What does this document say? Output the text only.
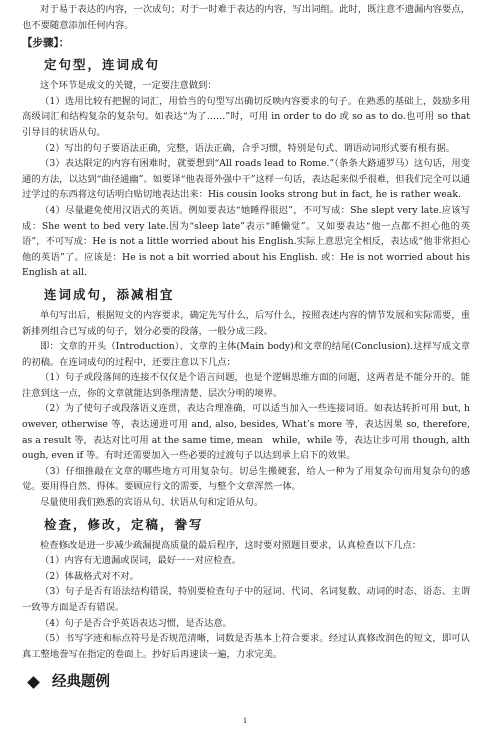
对于易于表达的内容，一次成句；对于一时难于表达的内容，写出词组。此时，既注意不遗漏内容要点，也不要随意添加任何内容。

【步骤】：

定句型，连词成句

这个环节是成文的关键，一定要注意做到：

（1）选用比较有把握的词汇，用恰当的句型写出确切反映内容要求的句子。在熟悉的基础上，鼓励多用高级词汇和结构复杂的复杂句。如表达“为了……”时，可用 in order to do 或 so as to do.也可用 so that 引导目的状语从句。

（2）写出的句子要语法正确，完整，语法正确，合乎习惯，特别是句式、谓语动词形式要有根有据。

（3）表达限定的内容有困难时，就要想到“All roads lead to Rome.”（条条大路通罗马）这句话，用变通的方法，以达到“曲径通幽”。如要译“他表哥外强中干”这样一句话，表达起来似乎很难，但我们完全可以通过学过的东西将这句话明白贴切地表达出来：His cousin looks strong but in fact, he is rather weak.

（4）尽量避免使用汉语式的英语。例如要表达“她睡得很迟”，不可写成：She slept very late.应该写成：She went to bed very late.因为“sleep late”表示“睡懒觉”。又如要表达“他一点都不担心他的英语”，不可写成：He is not a little worried about his English.实际上意思完全相反，表达成“他非常担心他的英语”了。应该是：He is not a bit worried about his English. 或：He is not worried about his English at all.

连词成句，添减相宜

单句写出后，根据短文的内容要求，确定先写什么，后写什么，按照表述内容的情节发展和实际需要，重新排列组合已写成的句子，划分必要的段落，一般分成三段。

即：文章的开头（Introduction）、文章的主体(Main body)和文章的结尾(Conclusion).这样写成文章的初稿。在连词成句的过程中，还要注意以下几点：

（1）句子或段落间的连接不仅仅是个语言问题，也是个逻辑思维方面的问题，这两者是不能分开的。能注意到这一点，你的文章就能达到条理清楚、层次分明的境界。

（2）为了使句子或段落语义连贯，表达合理准确，可以适当加入一些连接词语。如表达转折可用 but, however, otherwise 等，表达递进可用 and, also, besides, What’s more 等，表达因果 so, therefore, as a result 等，表达对比可用 at the same time, mean　while，while 等，表达让步可用 though, although, even if 等。有时还需要加入一些必要的过渡句子以达到承上启下的效果。

（3）仔细推敲在文章的哪些地方可用复杂句。切忌生搬硬套，给人一种为了用复杂句而用复杂句的感觉。要用得自然、得体。要顾应行文的需要，与整个文章浑然一体。

尽量使用我们熟悉的宾语从句、状语从句和定语从句。

检查，修改，定稿，誊写

检查修改是进一步减少疏漏提高质量的最后程序，这时要对照题目要求，认真检查以下几点：

（1）内容有无遗漏或误词，最好一一对应检查。

（2）体裁格式对不对。

（3）句子是否有语法结构错误，特别要检查句子中的冠词、代词、名词复数、动词的时态、语态、主谓一致等方面是否有错误。

（4）句子是否合乎英语表达习惯，是否达意。

（5）书写字迹和标点符号是否规范清晰，词数是否基本上符合要求。经过认真修改润色的短文，即可认真工整地誊写在指定的卷面上。抄好后再速读一遍，力求完美。

经典题例
1
